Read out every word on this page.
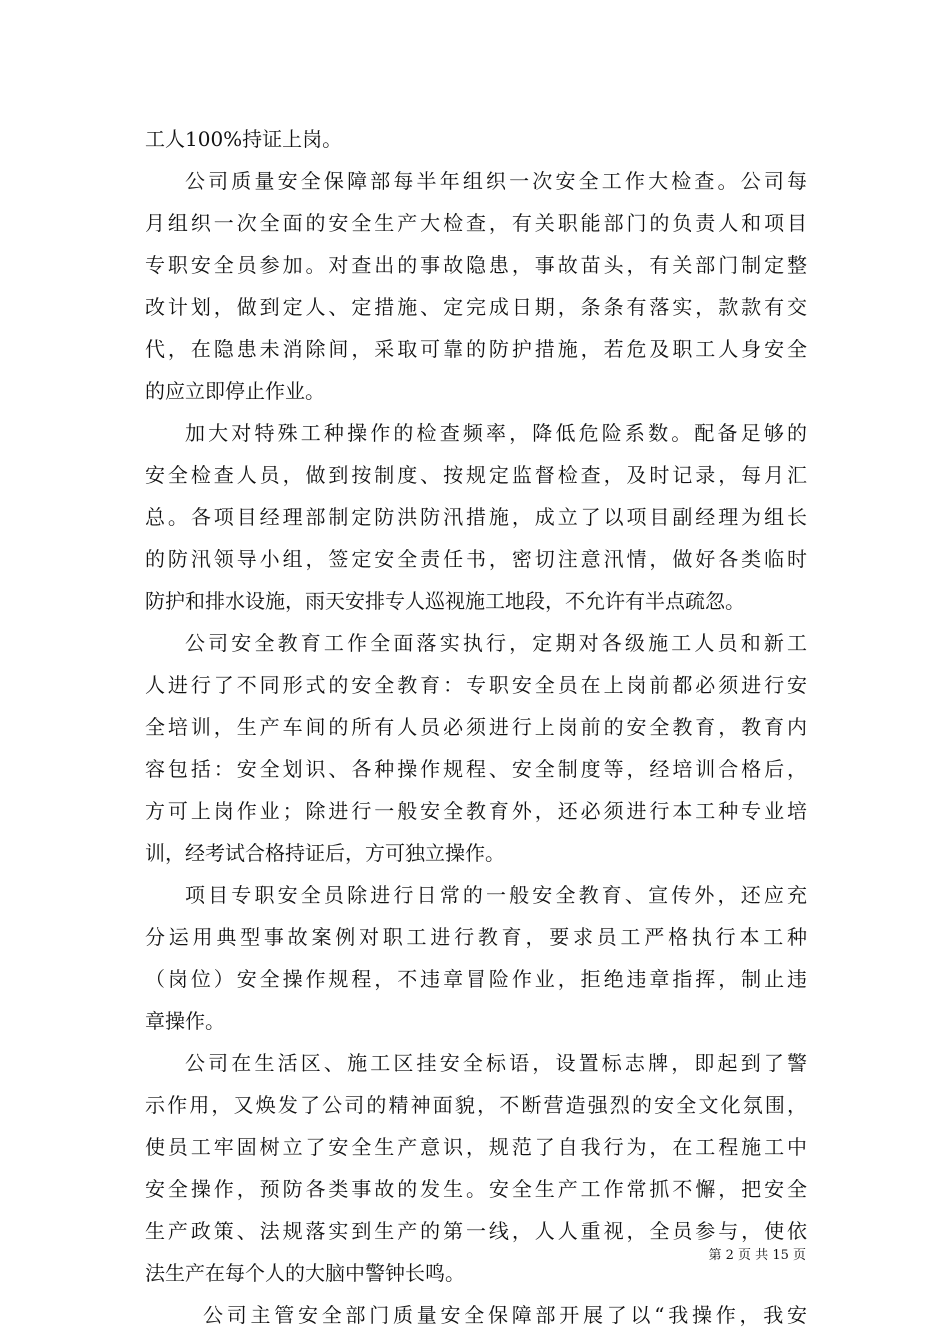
工人100%持证上岗。
公司质量安全保障部每半年组织一次安全工作大检查。公司每
月组织一次全面的安全生产大检查，有关职能部门的负责人和项目
专职安全员参加。对查出的事故隐患，事故苗头，有关部门制定整
改计划，做到定人、定措施、定完成日期，条条有落实，款款有交
代，在隐患未消除间，采取可靠的防护措施，若危及职工人身安全
的应立即停止作业。
加大对特殊工种操作的检查频率，降低危险系数。配备足够的
安全检查人员，做到按制度、按规定监督检查，及时记录，每月汇
总。各项目经理部制定防洪防汛措施，成立了以项目副经理为组长
的防汛领导小组，签定安全责任书，密切注意汛情，做好各类临时
防护和排水设施，雨天安排专人巡视施工地段，不允许有半点疏忽。
公司安全教育工作全面落实执行，定期对各级施工人员和新工
人进行了不同形式的安全教育：专职安全员在上岗前都必须进行安
全培训，生产车间的所有人员必须进行上岗前的安全教育，教育内
容包括：安全划识、各种操作规程、安全制度等，经培训合格后，
方可上岗作业；除进行一般安全教育外，还必须进行本工种专业培
训，经考试合格持证后，方可独立操作。
项目专职安全员除进行日常的一般安全教育、宣传外，还应充
分运用典型事故案例对职工进行教育，要求员工严格执行本工种
（岗位）安全操作规程，不违章冒险作业，拒绝违章指挥，制止违
章操作。
公司在生活区、施工区挂安全标语，设置标志牌，即起到了警
示作用，又焕发了公司的精神面貌，不断营造强烈的安全文化氛围，
使员工牢固树立了安全生产意识，规范了自我行为，在工程施工中
安全操作，预防各类事故的发生。安全生产工作常抓不懈，把安全
生产政策、法规落实到生产的第一线，人人重视，全员参与，使依
法生产在每个人的大脑中警钟长鸣。
公司主管安全部门质量安全保障部开展了以“我操作，我安
第 2 页 共 15 页
